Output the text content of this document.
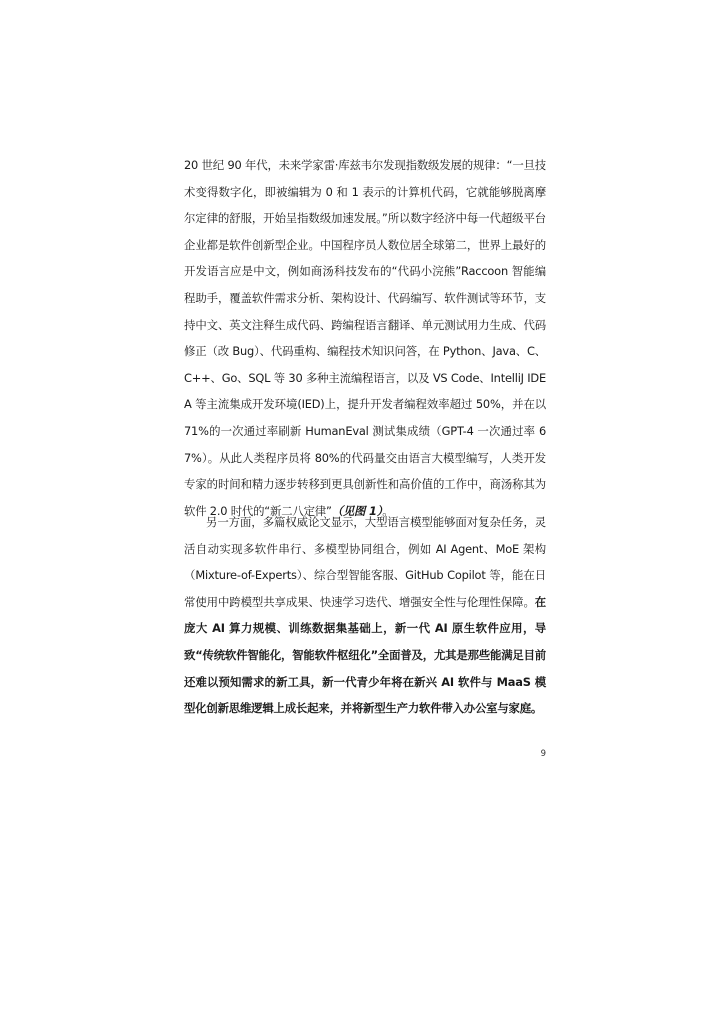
20 世纪 90 年代，未来学家雷·库兹韦尔发现指数级发展的规律：“一旦技术变得数字化，即被编辑为 0 和 1 表示的计算机代码，它就能够脱离摩尔定律的舒服，开始呈指数级加速发展。”所以数字经济中每一代超级平台企业都是软件创新型企业。中国程序员人数位居全球第二，世界上最好的开发语言应是中文，例如商汤科技发布的“代码小浣熊”Raccoon 智能编程助手，覆盖软件需求分析、架构设计、代码编写、软件测试等环节，支持中文、英文注释生成代码、跨编程语言翻译、单元测试用力生成、代码修正（改 Bug）、代码重构、编程技术知识问答，在 Python、Java、C、C++、Go、SQL 等 30 多种主流编程语言，以及 VS Code、IntelliJ IDEA 等主流集成开发环境(IED)上，提升开发者编程效率超过 50%，并在以 71%的一次通过率刷新 HumanEval 测试集成绩（GPT-4 一次通过率 67%）。从此人类程序员将 80%的代码量交由语言大模型编写，人类开发专家的时间和精力逐步转移到更具创新性和高价值的工作中，商汤称其为软件 2.0 时代的“新二八定律”（见图 1）。

另一方面，多篇权威论文显示，大型语言模型能够面对复杂任务，灵活自动实现多软件串行、多模型协同组合，例如 AI Agent、MoE 架构（Mixture-of-Experts）、综合型智能客服、GitHub Copilot 等，能在日常使用中跨模型共享成果、快速学习迭代、增强安全性与伦理性保障。在庞大 AI 算力规模、训练数据集基础上，新一代 AI 原生软件应用，导致“传统软件智能化，智能软件枢纽化”全面普及，尤其是那些能满足目前还难以预知需求的新工具，新一代青少年将在新兴 AI 软件与 MaaS 模型化创新思维逻辑上成长起来，并将新型生产力软件带入办公室与家庭。

9
